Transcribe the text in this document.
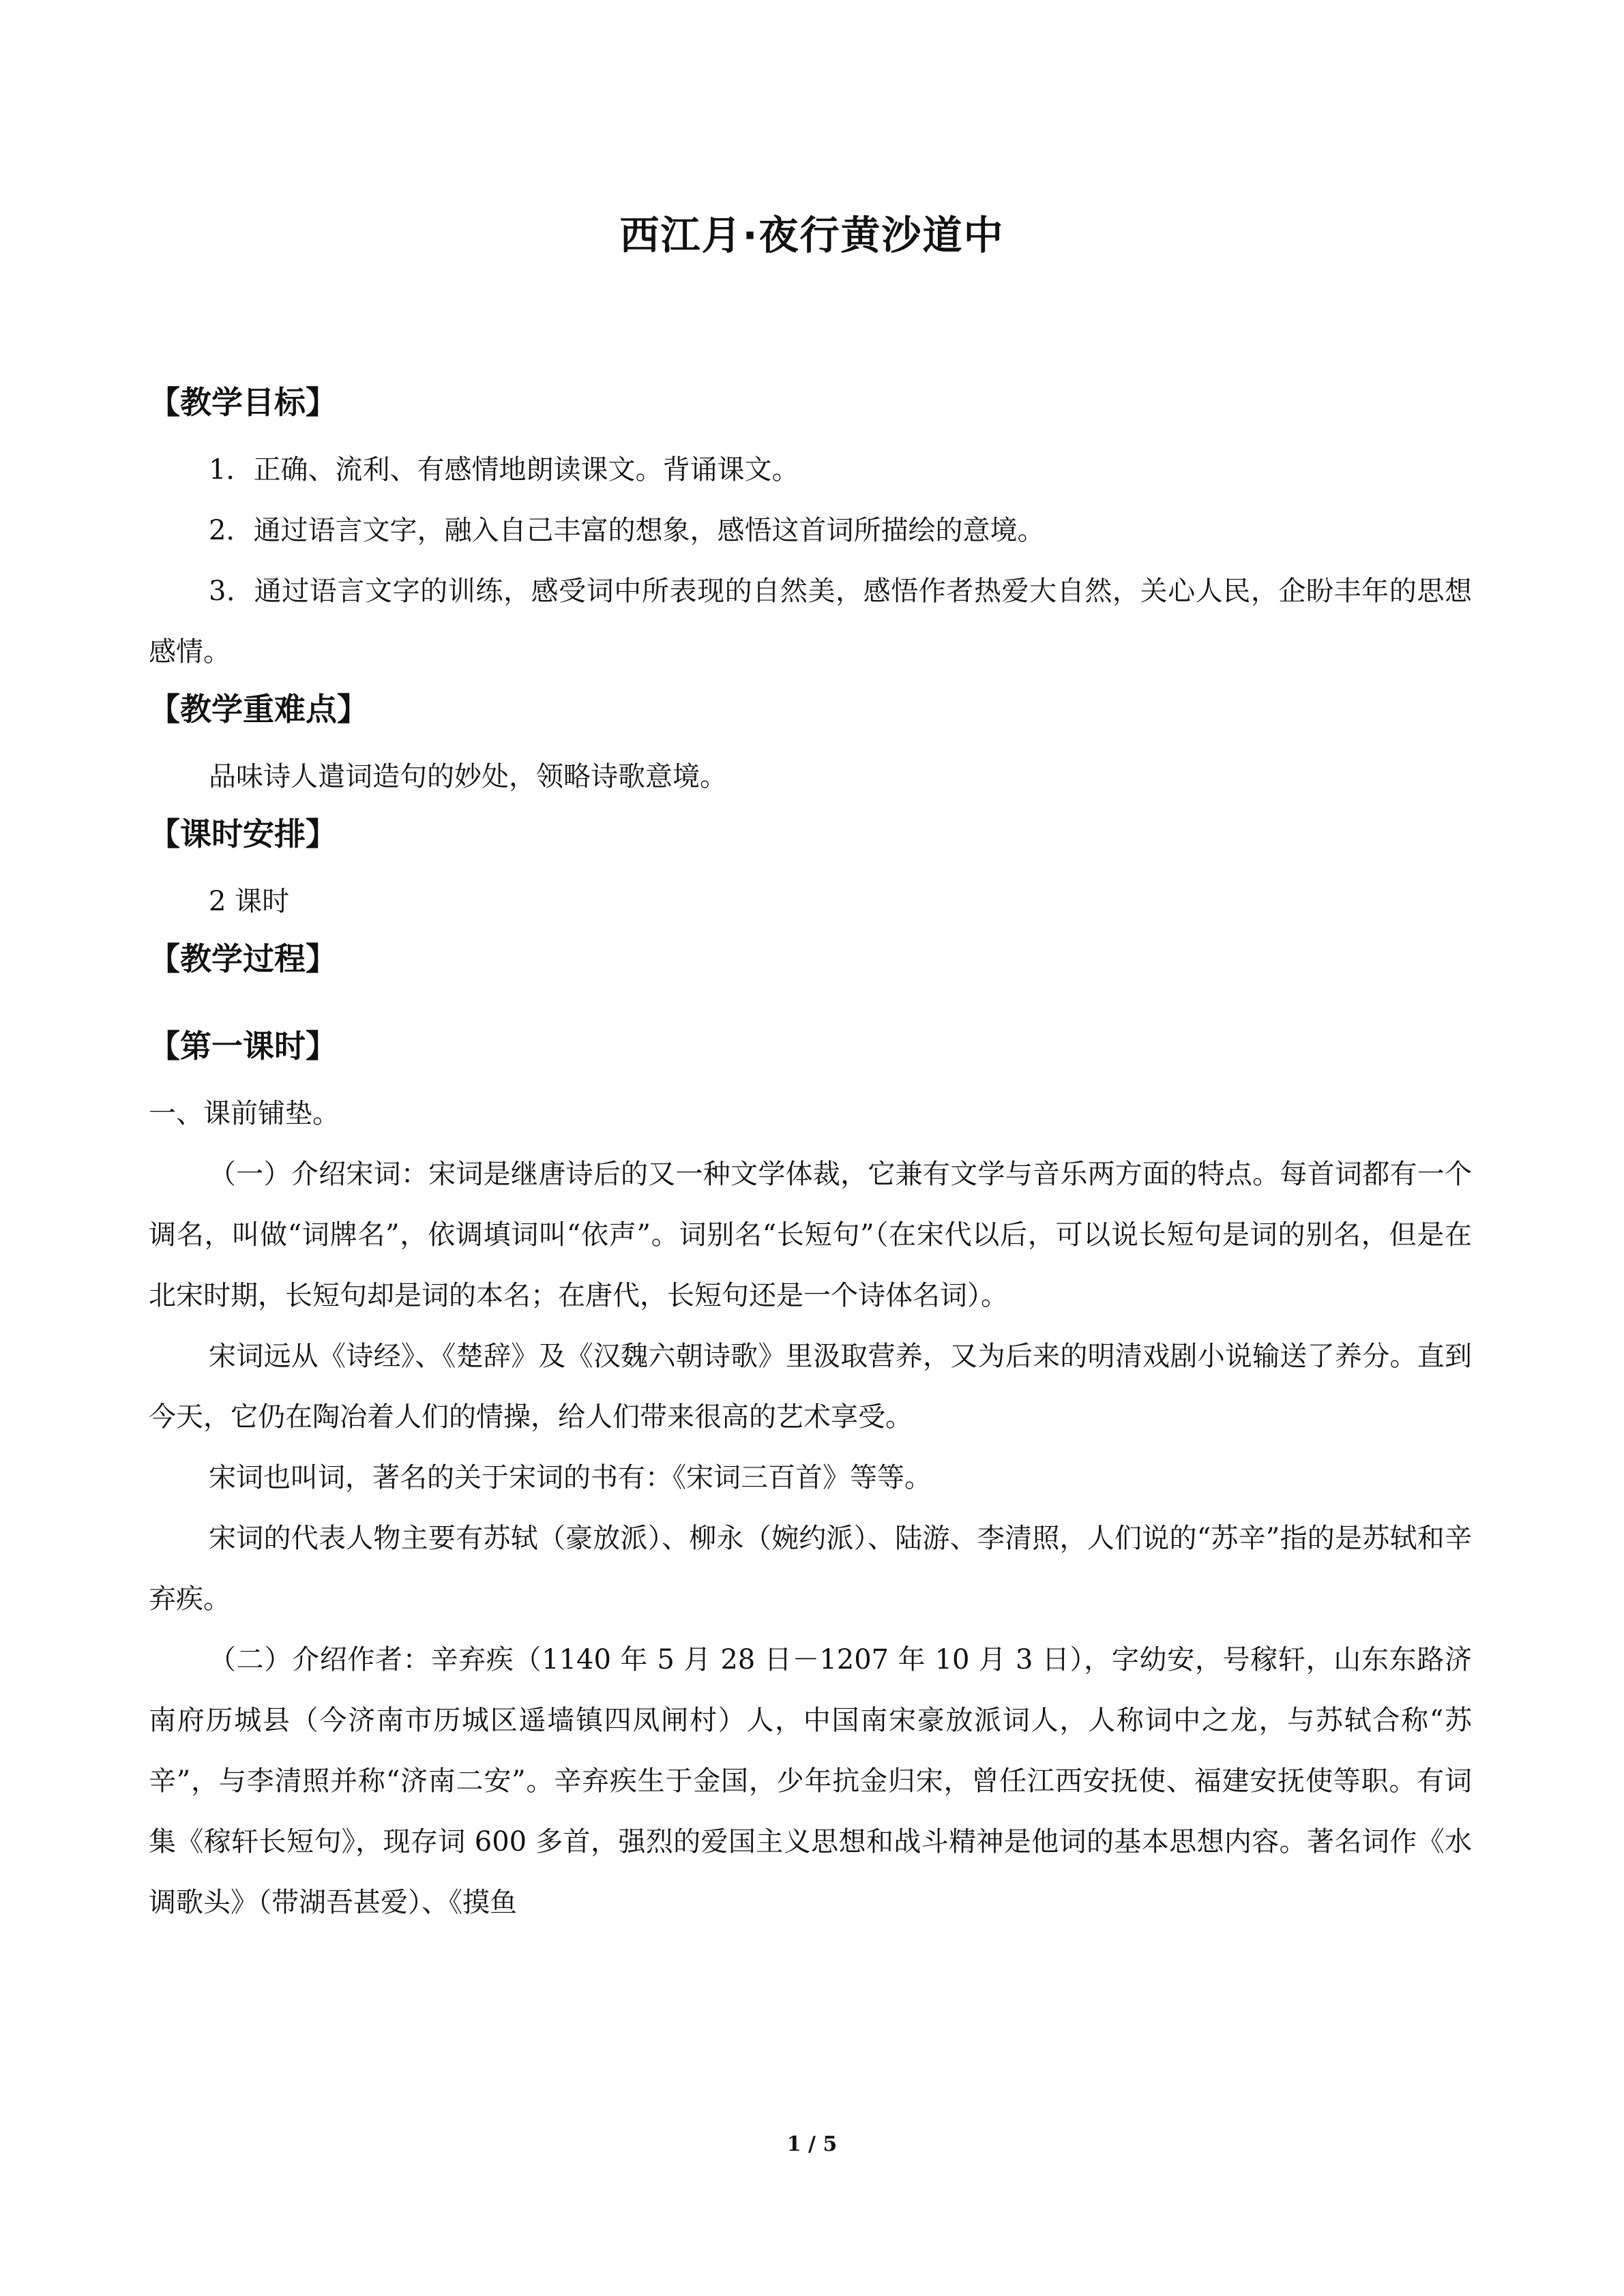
西江月·夜行黄沙道中
【教学目标】

1．正确、流利、有感情地朗读课文。背诵课文。

2．通过语言文字，融入自己丰富的想象，感悟这首词所描绘的意境。

3．通过语言文字的训练，感受词中所表现的自然美，感悟作者热爱大自然，关心人民，企盼丰年的思想感情。

【教学重难点】

品味诗人遣词造句的妙处，领略诗歌意境。

【课时安排】

2 课时

【教学过程】
【第一课时】

一、课前铺垫。

（一）介绍宋词：宋词是继唐诗后的又一种文学体裁，它兼有文学与音乐两方面的特点。每首词都有一个调名，叫做“词牌名”，依调填词叫“依声”。词别名“长短句”（在宋代以后，可以说长短句是词的别名，但是在北宋时期，长短句却是词的本名；在唐代，长短句还是一个诗体名词）。

宋词远从《诗经》、《楚辞》及《汉魏六朝诗歌》里汲取营养，又为后来的明清戏剧小说输送了养分。直到今天，它仍在陶冶着人们的情操，给人们带来很高的艺术享受。

宋词也叫词，著名的关于宋词的书有：《宋词三百首》等等。

宋词的代表人物主要有苏轼（豪放派）、柳永（婉约派）、陆游、李清照，人们说的“苏辛”指的是苏轼和辛弃疾。

（二）介绍作者：辛弃疾（1140 年 5 月 28 日－1207 年 10 月 3 日），字幼安，号稼轩，山东东路济南府历城县（今济南市历城区遥墙镇四凤闸村）人，中国南宋豪放派词人，人称词中之龙，与苏轼合称“苏辛”，与李清照并称“济南二安”。辛弃疾生于金国，少年抗金归宋，曾任江西安抚使、福建安抚使等职。有词集《稼轩长短句》，现存词 600 多首，强烈的爱国主义思想和战斗精神是他词的基本思想内容。著名词作《水调歌头》（带湖吾甚爱）、《摸鱼

1 / 5
